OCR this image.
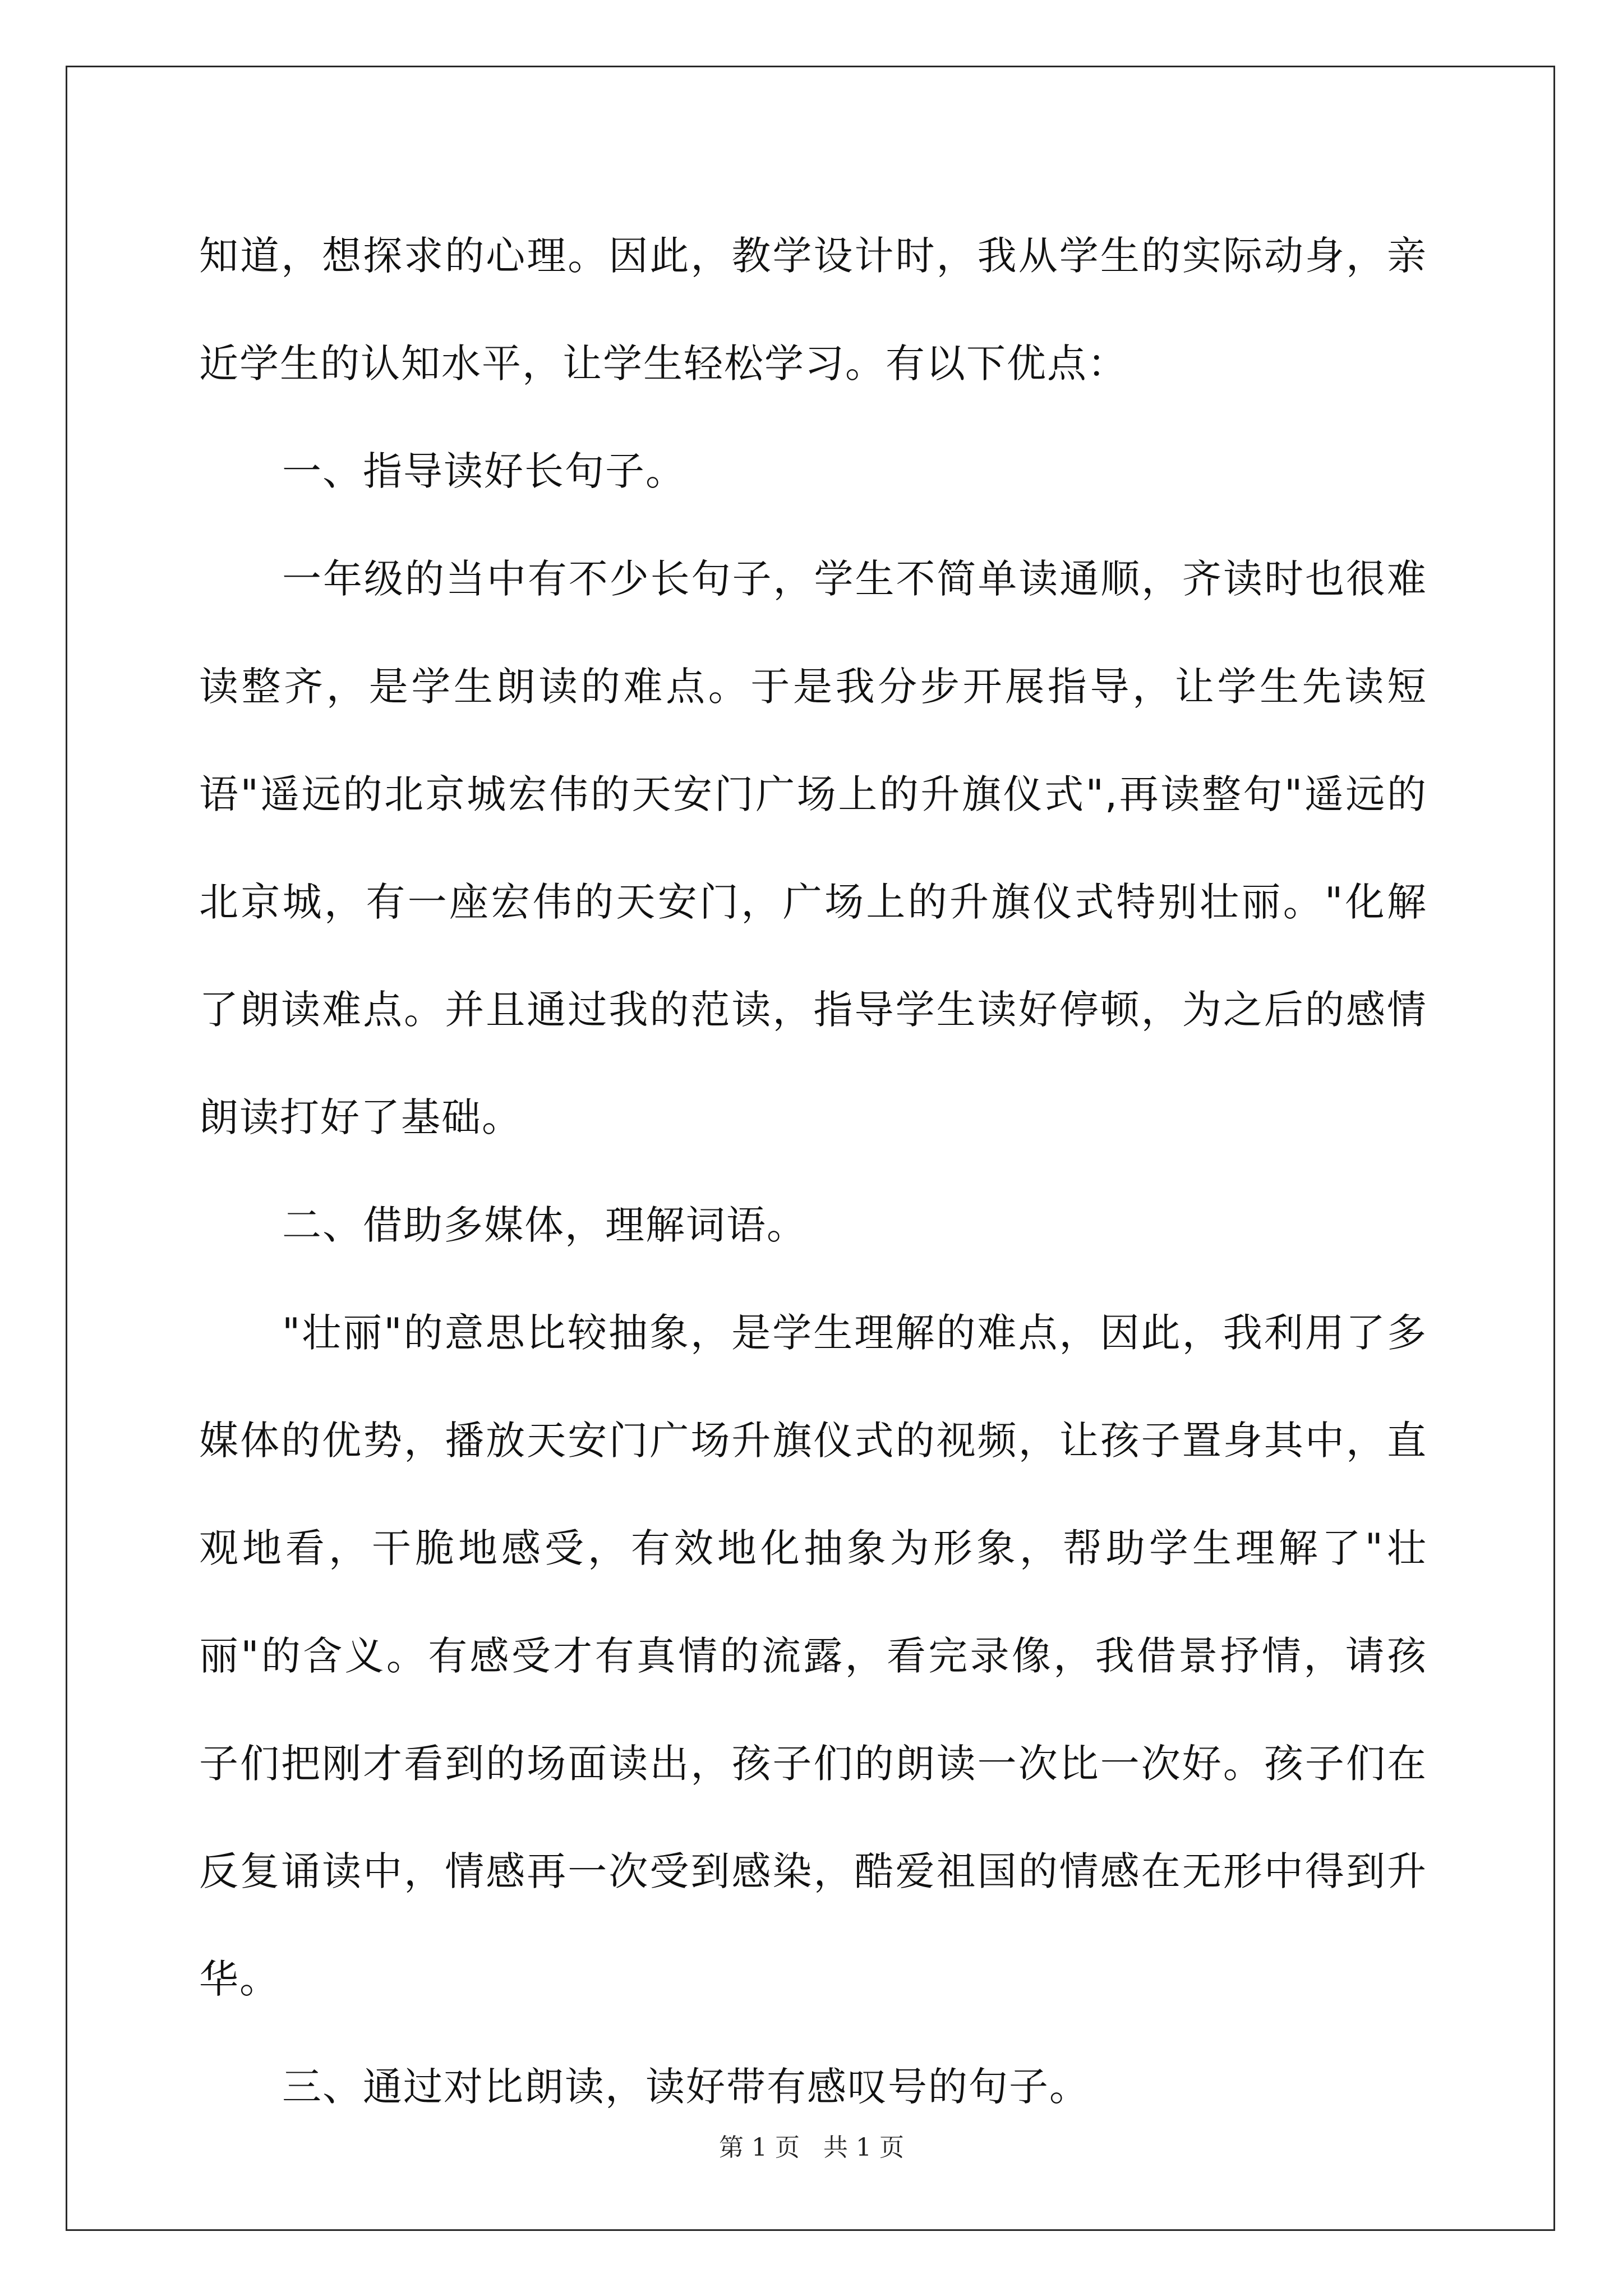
知道，想探求的心理。因此，教学设计时，我从学生的实际动身，亲近学生的认知水平，让学生轻松学习。有以下优点：

一、指导读好长句子。

一年级的当中有不少长句子，学生不简单读通顺，齐读时也很难读整齐，是学生朗读的难点。于是我分步开展指导，让学生先读短语"遥远的北京城宏伟的天安门广场上的升旗仪式",再读整句"遥远的北京城，有一座宏伟的天安门，广场上的升旗仪式特别壮丽。"化解了朗读难点。并且通过我的范读，指导学生读好停顿，为之后的感情朗读打好了基础。

二、借助多媒体，理解词语。

"壮丽"的意思比较抽象，是学生理解的难点，因此，我利用了多媒体的优势，播放天安门广场升旗仪式的视频，让孩子置身其中，直观地看，干脆地感受，有效地化抽象为形象，帮助学生理解了"壮丽"的含义。有感受才有真情的流露，看完录像，我借景抒情，请孩子们把刚才看到的场面读出，孩子们的朗读一次比一次好。孩子们在反复诵读中，情感再一次受到感染，酷爱祖国的情感在无形中得到升华。

三、通过对比朗读，读好带有感叹号的句子。

第 1 页   共 1 页
